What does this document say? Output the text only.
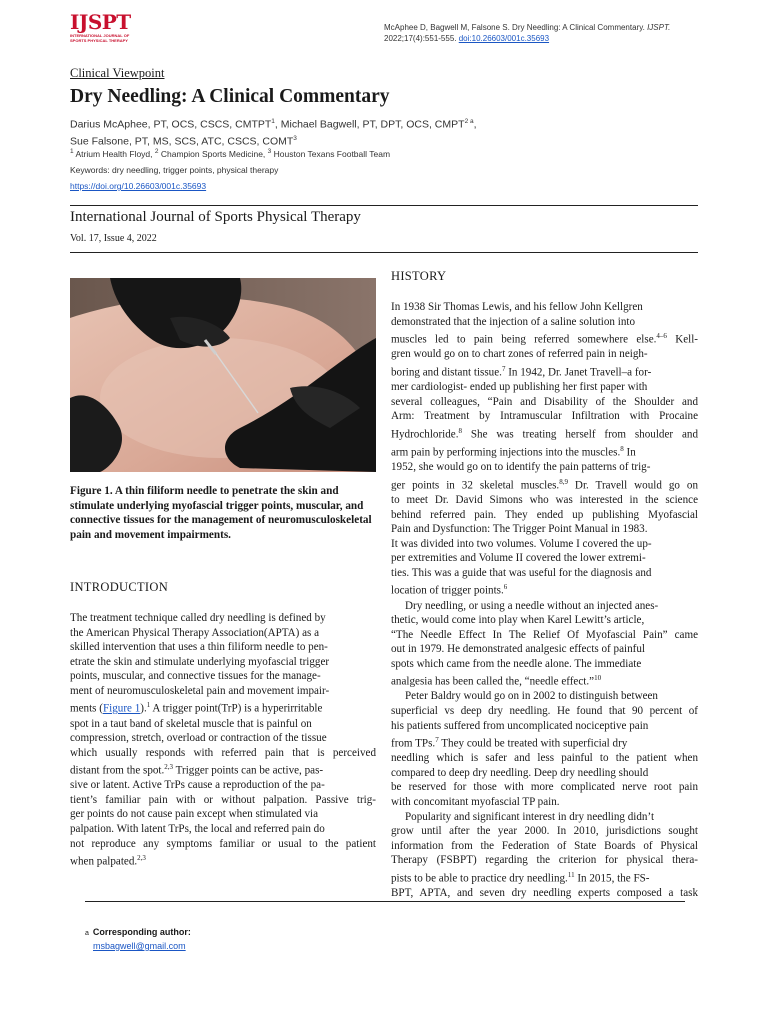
IJSPT
INTERNATIONAL JOURNAL OF SPORTS PHYSICAL THERAPY
McAphee D, Bagwell M, Falsone S. Dry Needling: A Clinical Commentary. IJSPT.
2022;17(4):551-555. doi:10.26603/001c.35693
Clinical Viewpoint
Dry Needling: A Clinical Commentary
Darius McAphee, PT, OCS, CSCS, CMTPT$^1$, Michael Bagwell, PT, DPT, OCS, $CMPT^{2 a}$,
Sue Falsone, PT, MS, SCS, ATC, CSCS, COMT$^3$
$^1$ Atrium Health Floyd, $^2$ Champion Sports Medicine, $^3$ Houston Texans Football Team
Keywords: dry needling, trigger points, physical therapy
https://doi.org/10.26603/001c.35693
International Journal of Sports Physical Therapy
Vol. 17, Issue 4, 2022
Figure 1. A thin filiform needle to penetrate the skin and stimulate underlying myofascial trigger points, muscular, and connective tissues for the management of neuromusculoskeletal pain and movement impairments.
INTRODUCTION
The treatment technique called dry needling is defined by
the American Physical Therapy Association(APTA) as a
skilled intervention that uses a thin filiform needle to pen-
etrate the skin and stimulate underlying myofascial trigger
points, muscular, and connective tissues for the manage-
ment of neuromusculoskeletal pain and movement impair-
ments (Figure 1).$^1$ A trigger point(TrP) is a hyperirritable
spot in a taut band of skeletal muscle that is painful on
compression, stretch, overload or contraction of the tissue
which usually responds with referred pain that is perceived
distant from the spot.$^{2,3}$ Trigger points can be active, pas-
sive or latent. Active TrPs cause a reproduction of the pa-
tient’s familiar pain with or without palpation. Passive trig-
ger points do not cause pain except when stimulated via
palpation. With latent TrPs, the local and referred pain do
not reproduce any symptoms familiar or usual to the patient
when palpated.$^{2,3}$
HISTORY
In 1938 Sir Thomas Lewis, and his fellow John Kellgren
demonstrated that the injection of a saline solution into
muscles led to pain being referred somewhere else.$^{4-6}$ Kell-
gren would go on to chart zones of referred pain in neigh-
boring and distant tissue.$^7$ In 1942, Dr. Janet Travell–a for-
mer cardiologist- ended up publishing her first paper with
several colleagues, “Pain and Disability of the Shoulder and
Arm: Treatment by Intramuscular Infiltration with Procaine
Hydrochloride.$^8$ She was treating herself from shoulder and
arm pain by performing injections into the muscles.$^8$ In
1952, she would go on to identify the pain patterns of trig-
ger points in 32 skeletal muscles.$^{8,9}$ Dr. Travell would go on
to meet Dr. David Simons who was interested in the science
behind referred pain. They ended up publishing Myofascial
Pain and Dysfunction: The Trigger Point Manual in 1983.
It was divided into two volumes. Volume I covered the up-
per extremities and Volume II covered the lower extremi-
ties. This was a guide that was useful for the diagnosis and
location of trigger points.$^6$
Dry needling, or using a needle without an injected anes-
thetic, would come into play when Karel Lewitt’s article,
“The Needle Effect In The Relief Of Myofascial Pain” came
out in 1979. He demonstrated analgesic effects of painful
spots which came from the needle alone. The immediate
analgesia has been called the, “needle effect.”$^{10}$
Peter Baldry would go on in 2002 to distinguish between
superficial vs deep dry needling. He found that 90 percent of
his patients suffered from uncomplicated nociceptive pain
from TPs.$^7$ They could be treated with superficial dry
needling which is safer and less painful to the patient when
compared to deep dry needling. Deep dry needling should
be reserved for those with more complicated nerve root pain
with concomitant myofascial TP pain.
Popularity and significant interest in dry needling didn’t
grow until after the year 2000. In 2010, jurisdictions sought
information from the Federation of State Boards of Physical
Therapy (FSBPT) regarding the criterion for physical thera-
pists to be able to practice dry needling.$^{11}$ In 2015, the FS-
BPT, APTA, and seven dry needling experts composed a task
a Corresponding author:
msbagwell@gmail.com
